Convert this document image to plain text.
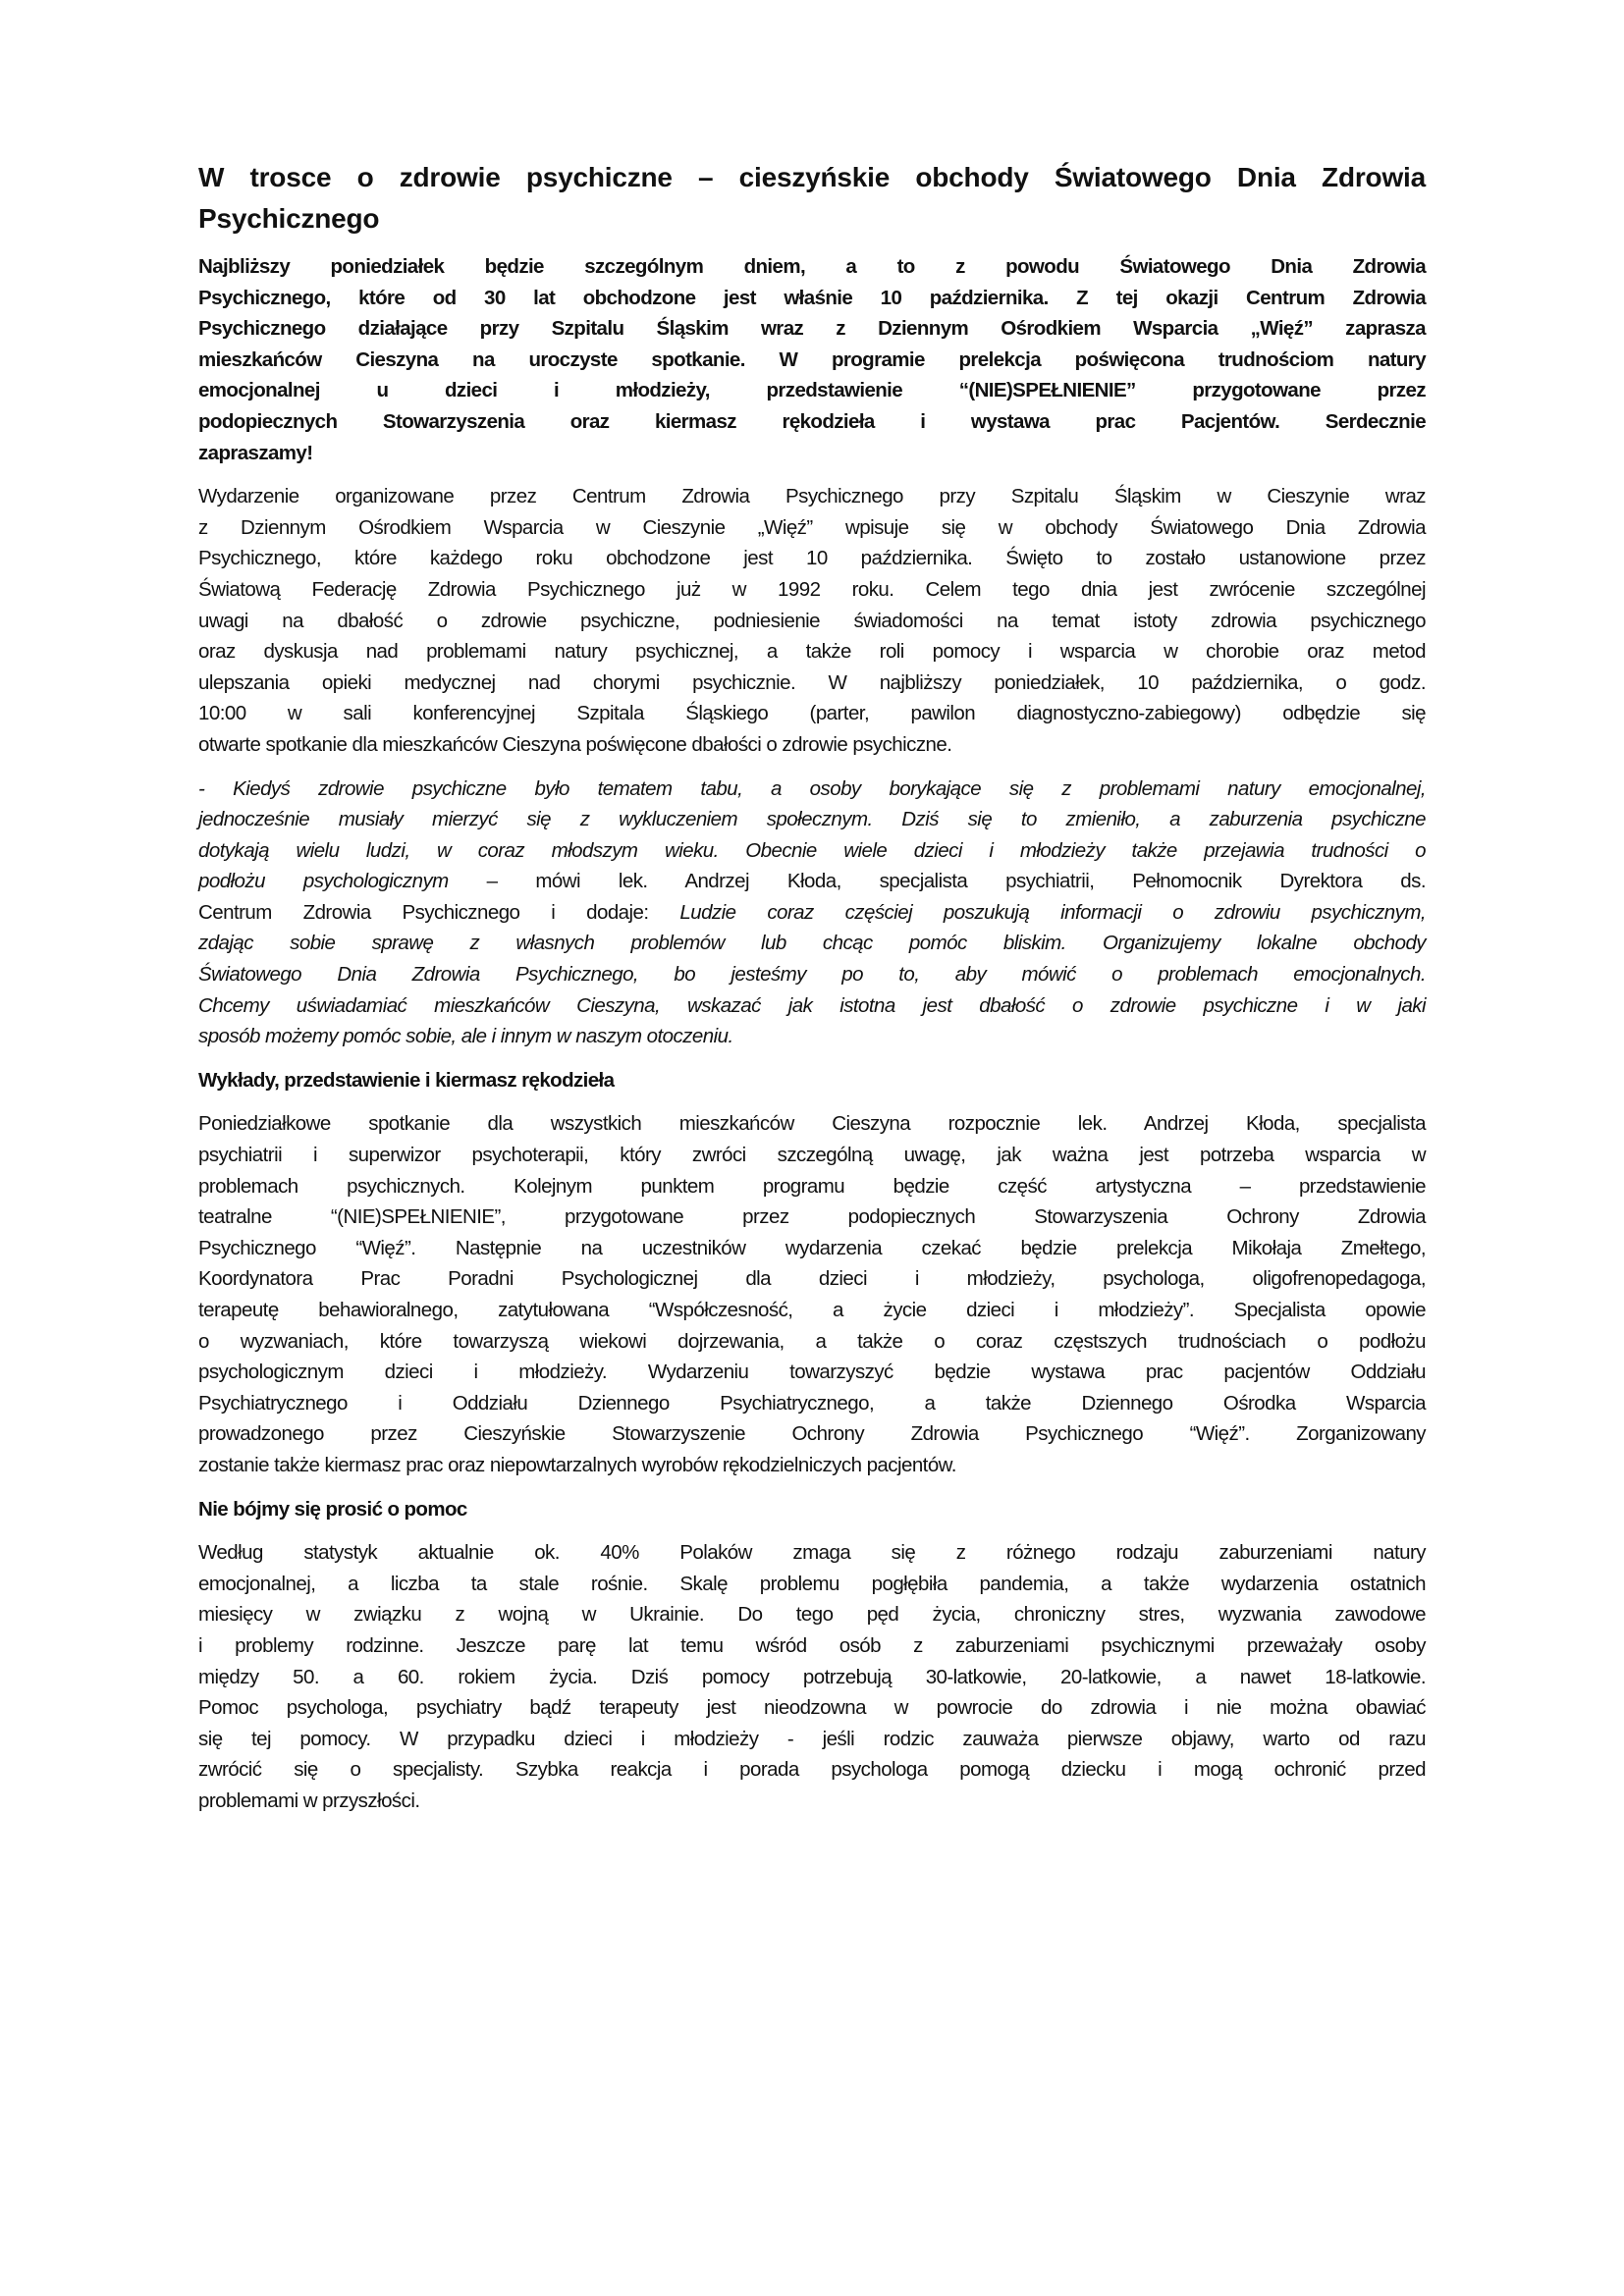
W trosce o zdrowie psychiczne – cieszyńskie obchody Światowego Dnia Zdrowia
Psychicznego

Najbliższy poniedziałek będzie szczególnym dniem, a to z powodu Światowego Dnia Zdrowia
Psychicznego, które od 30 lat obchodzone jest właśnie 10 października. Z tej okazji Centrum Zdrowia
Psychicznego działające przy Szpitalu Śląskim wraz z Dziennym Ośrodkiem Wsparcia „Więź” zaprasza
mieszkańców Cieszyna na uroczyste spotkanie. W programie prelekcja poświęcona trudnościom natury
emocjonalnej u dzieci i młodzieży, przedstawienie “(NIE)SPEŁNIENIE” przygotowane przez
podopiecznych Stowarzyszenia oraz kiermasz rękodzieła i wystawa prac Pacjentów. Serdecznie
zapraszamy!

Wydarzenie organizowane przez Centrum Zdrowia Psychicznego przy Szpitalu Śląskim w Cieszynie wraz
z Dziennym Ośrodkiem Wsparcia w Cieszynie „Więź” wpisuje się w obchody Światowego Dnia Zdrowia
Psychicznego, które każdego roku obchodzone jest 10 października. Święto to zostało ustanowione przez
Światową Federację Zdrowia Psychicznego już w 1992 roku. Celem tego dnia jest zwrócenie szczególnej
uwagi na dbałość o zdrowie psychiczne, podniesienie świadomości na temat istoty zdrowia psychicznego
oraz dyskusja nad problemami natury psychicznej, a także roli pomocy i wsparcia w chorobie oraz metod
ulepszania opieki medycznej nad chorymi psychicznie. W najbliższy poniedziałek, 10 października, o godz.
10:00 w sali konferencyjnej Szpitala Śląskiego (parter, pawilon diagnostyczno-zabiegowy) odbędzie się
otwarte spotkanie dla mieszkańców Cieszyna poświęcone dbałości o zdrowie psychiczne.

- Kiedyś zdrowie psychiczne było tematem tabu, a osoby borykające się z problemami natury emocjonalnej,
jednocześnie musiały mierzyć się z wykluczeniem społecznym. Dziś się to zmieniło, a zaburzenia psychiczne
dotykają wielu ludzi, w coraz młodszym wieku. Obecnie wiele dzieci i młodzieży także przejawia trudności o
podłożu psychologicznym – mówi lek. Andrzej Kłoda, specjalista psychiatrii, Pełnomocnik Dyrektora ds.
Centrum Zdrowia Psychicznego i dodaje: Ludzie coraz częściej poszukują informacji o zdrowiu psychicznym,
zdając sobie sprawę z własnych problemów lub chcąc pomóc bliskim. Organizujemy lokalne obchody
Światowego Dnia Zdrowia Psychicznego, bo jesteśmy po to, aby mówić o problemach emocjonalnych.
Chcemy uświadamiać mieszkańców Cieszyna, wskazać jak istotna jest dbałość o zdrowie psychiczne i w jaki
sposób możemy pomóc sobie, ale i innym w naszym otoczeniu.

Wykłady, przedstawienie i kiermasz rękodzieła

Poniedziałkowe spotkanie dla wszystkich mieszkańców Cieszyna rozpocznie lek. Andrzej Kłoda, specjalista
psychiatrii i superwizor psychoterapii, który zwróci szczególną uwagę, jak ważna jest potrzeba wsparcia w
problemach psychicznych. Kolejnym punktem programu będzie część artystyczna – przedstawienie
teatralne “(NIE)SPEŁNIENIE”, przygotowane przez podopiecznych Stowarzyszenia Ochrony Zdrowia
Psychicznego “Więź”. Następnie na uczestników wydarzenia czekać będzie prelekcja Mikołaja Zmełtego,
Koordynatora Prac Poradni Psychologicznej dla dzieci i młodzieży, psychologa, oligofrenopedagoga,
terapeutę behawioralnego, zatytułowana “Współczesność, a życie dzieci i młodzieży”. Specjalista opowie
o wyzwaniach, które towarzyszą wiekowi dojrzewania, a także o coraz częstszych trudnościach o podłożu
psychologicznym dzieci i młodzieży. Wydarzeniu towarzyszyć będzie wystawa prac pacjentów Oddziału
Psychiatrycznego i Oddziału Dziennego Psychiatrycznego, a także Dziennego Ośrodka Wsparcia
prowadzonego przez Cieszyńskie Stowarzyszenie Ochrony Zdrowia Psychicznego “Więź”. Zorganizowany
zostanie także kiermasz prac oraz niepowtarzalnych wyrobów rękodzielniczych pacjentów.

Nie bójmy się prosić o pomoc

Według statystyk aktualnie ok. 40% Polaków zmaga się z różnego rodzaju zaburzeniami natury
emocjonalnej, a liczba ta stale rośnie. Skalę problemu pogłębiła pandemia, a także wydarzenia ostatnich
miesięcy w związku z wojną w Ukrainie. Do tego pęd życia, chroniczny stres, wyzwania zawodowe
i problemy rodzinne. Jeszcze parę lat temu wśród osób z zaburzeniami psychicznymi przeważały osoby
między 50. a 60. rokiem życia. Dziś pomocy potrzebują 30-latkowie, 20-latkowie, a nawet 18-latkowie.
Pomoc psychologa, psychiatry bądź terapeuty jest nieodzowna w powrocie do zdrowia i nie można obawiać
się tej pomocy. W przypadku dzieci i młodzieży - jeśli rodzic zauważa pierwsze objawy, warto od razu
zwrócić się o specjalisty. Szybka reakcja i porada psychologa pomogą dziecku i mogą ochronić przed
problemami w przyszłości.
